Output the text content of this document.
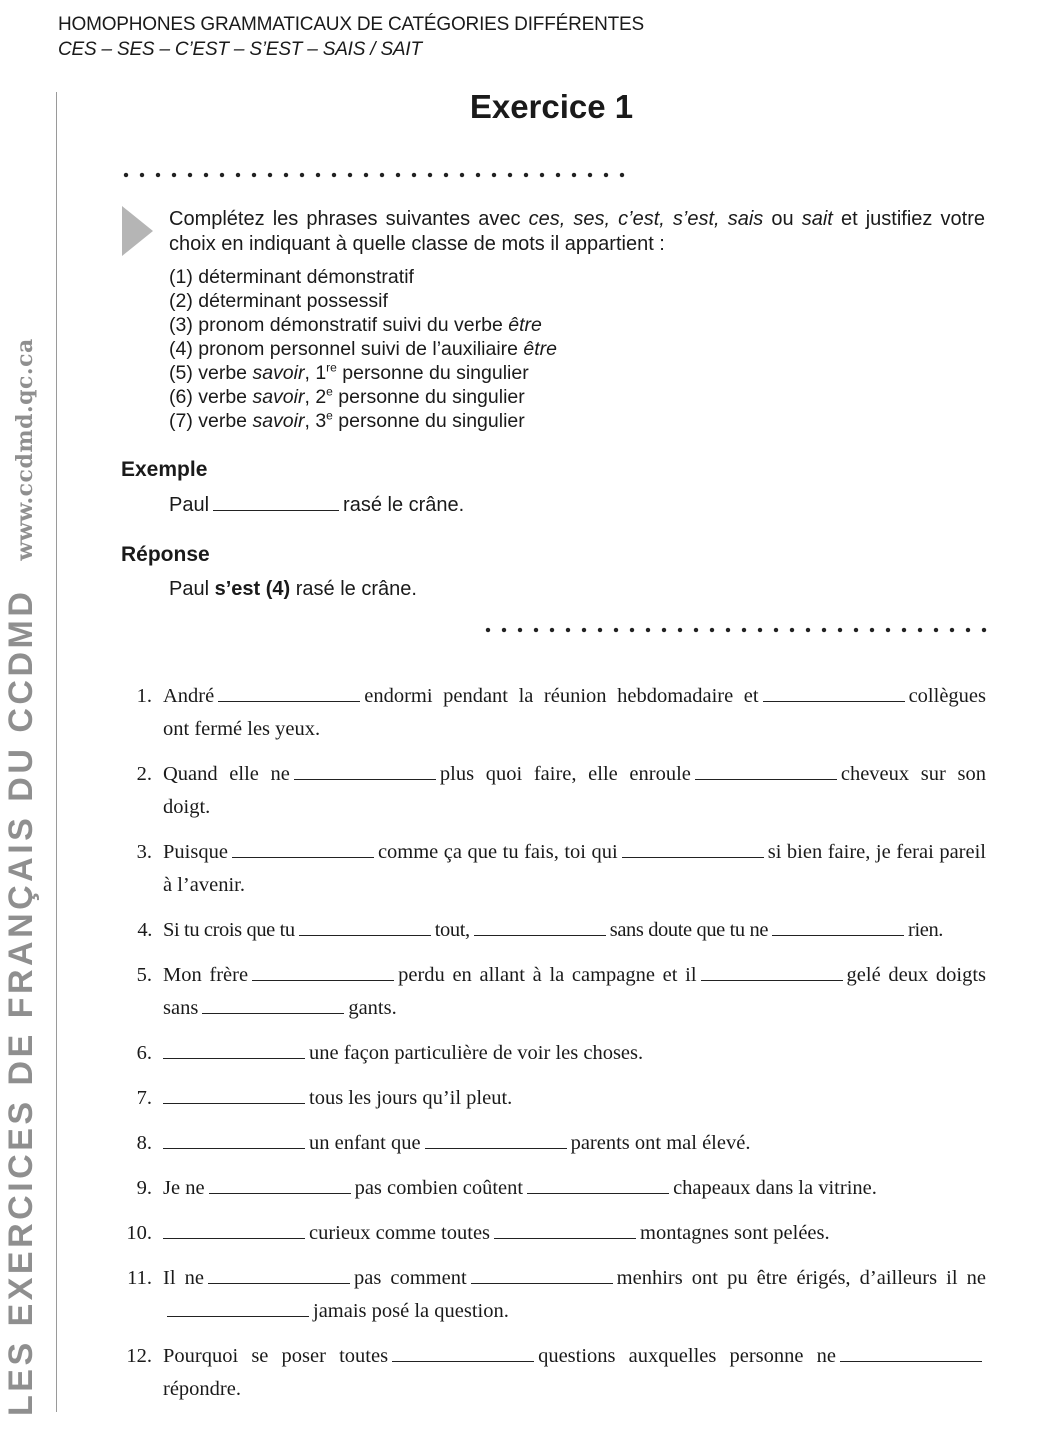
HOMOPHONES GRAMMATICAUX DE CATÉGORIES DIFFÉRENTES
CES – SES – C’EST – S’EST – SAIS / SAIT
LES EXERCICES DE FRANÇAIS DU CCDMDwww.ccdmd.qc.ca
Exercice 1
Complétez les phrases suivantes avec ces, ses, c’est, s’est, sais ou sait et justifiez votre choix en indiquant à quelle classe de mots il appartient :
(1) déterminant démonstratif
(2) déterminant possessif
(3) pronom démonstratif suivi du verbe être
(4) pronom personnel suivi de l’auxiliaire être
(5) verbe savoir, 1re personne du singulier
(6) verbe savoir, 2e personne du singulier
(7) verbe savoir, 3e personne du singulier
Exemple
Paul	rasé le crâne.
Réponse
Paul s’est (4) rasé le crâne.
1. André	endormi pendant la réunion hebdomadaire et	collègues ont fermé les yeux.
2. Quand elle ne	plus quoi faire, elle enroule	cheveux sur son doigt.
3. Puisque	comme ça que tu fais, toi qui	si bien faire, je ferai pareil à l’avenir.
4. Si tu crois que tu	tout,	sans doute que tu ne	rien.
5. Mon frère	perdu en allant à la campagne et il	gelé deux doigts sans	gants.
6.	une façon particulière de voir les choses.
7.	tous les jours qu’il pleut.
8.	un enfant que	parents ont mal élevé.
9. Je ne	pas combien coûtent	chapeaux dans la vitrine.
10.	curieux comme toutes	montagnes sont pelées.
11. Il ne	pas comment	menhirs ont pu être érigés, d’ailleurs il nejamais posé la question.
12. Pourquoi se poser toutes	questions auxquelles personne nerépondre.
